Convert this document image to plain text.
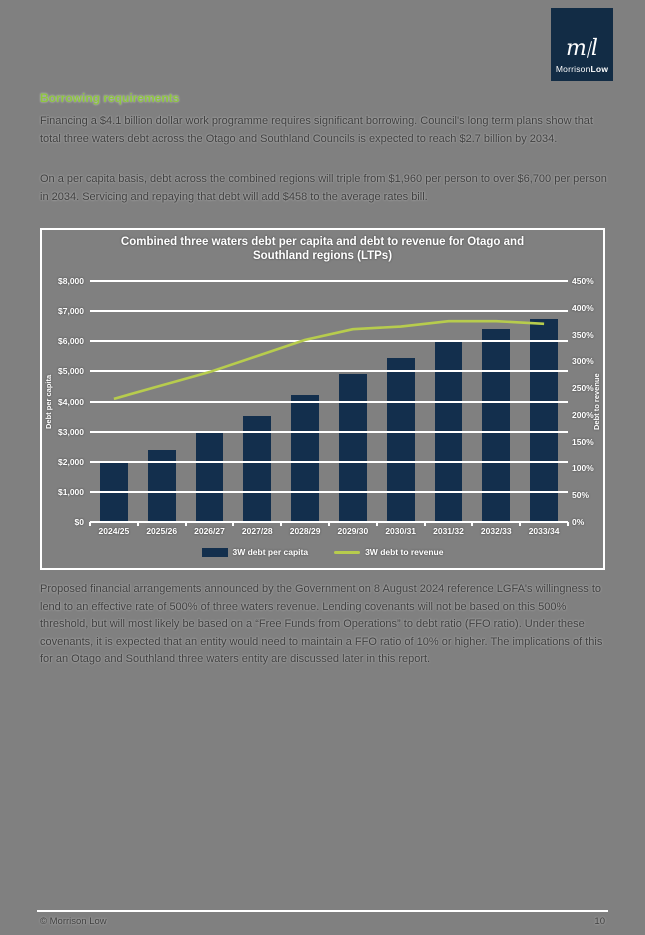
m l
MorrisonLow
Borrowing requirements

Financing a $4.1 billion dollar work programme requires significant borrowing. Council's long term plans show that total three waters debt across the Otago and Southland Councils is expected to reach $2.7 billion by 2034.

On a per capita basis, debt across the combined regions will triple from $1,960 per person to over $6,700 per person in 2034. Servicing and repaying that debt will add $458 to the average rates bill.

Combined three waters debt per capita and debt to revenue for Otago and Southland regions (LTPs)
Debt per capita	Debt to revenue
$8,000
$7,000
$6,000
$5,000
$4,000
$3,000
$2,000
$1,000
$0
450%
400%
350%
300%
250%
200%
150%
100%
50%
0%
2024/25	2025/26	2026/27	2027/28	2028/29	2029/30	2030/31	2031/32	2032/33	2033/34
3W debt per capita	3W debt to revenue

Proposed financial arrangements announced by the Government on 8 August 2024 reference LGFA's willingness to lend to an effective rate of 500% of three waters revenue. Lending covenants will not be based on this 500% threshold, but will most likely be based on a “Free Funds from Operations” to debt ratio (FFO ratio). Under these covenants, it is expected that an entity would need to maintain a FFO ratio of 10% or higher. The implications of this for an Otago and Southland three waters entity are discussed later in this report.

© Morrison Low	10
